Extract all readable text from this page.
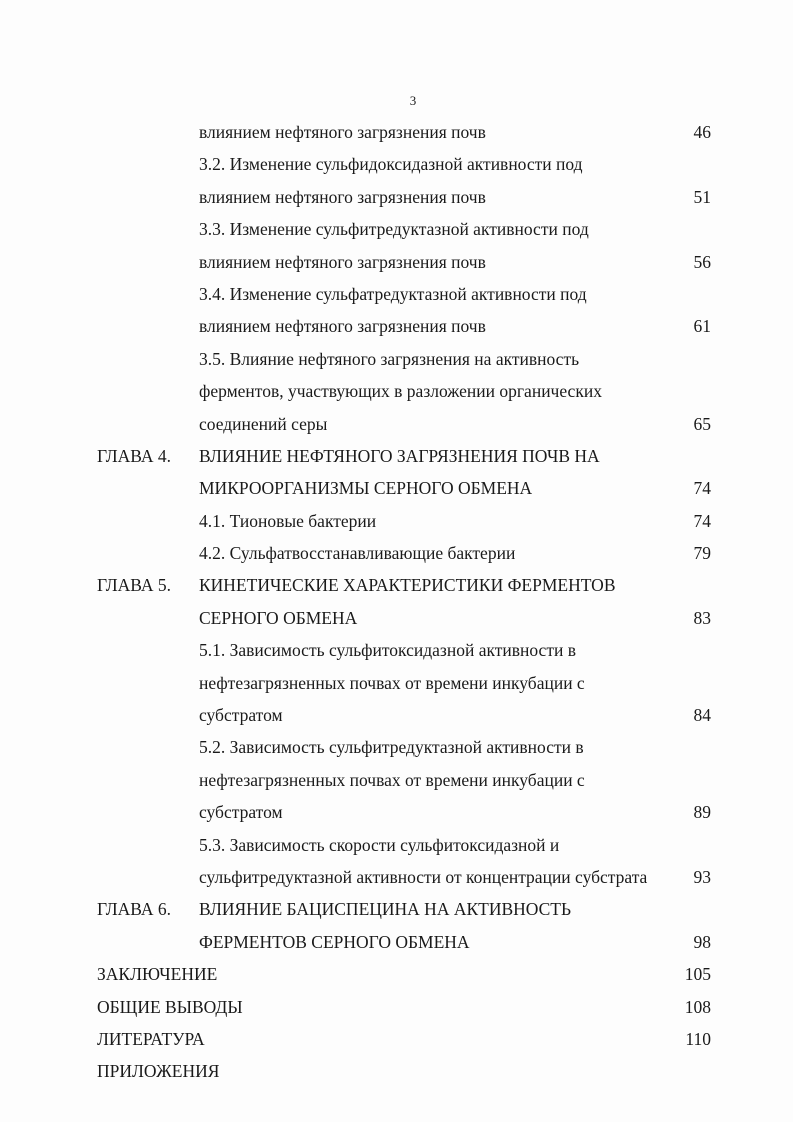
3
влиянием нефтяного загрязнения почв	46
3.2. Изменение сульфидоксидазной активности под
влиянием нефтяного загрязнения почв	51
3.3. Изменение сульфитредуктазной активности под
влиянием нефтяного загрязнения почв	56
3.4. Изменение сульфатредуктазной активности под
влиянием нефтяного загрязнения почв	61
3.5. Влияние нефтяного загрязнения на активность
ферментов, участвующих в разложении органических
соединений серы	65
ГЛАВА 4. ВЛИЯНИЕ НЕФТЯНОГО ЗАГРЯЗНЕНИЯ ПОЧВ НА
МИКРООРГАНИЗМЫ СЕРНОГО ОБМЕНА	74
4.1. Тионовые бактерии	74
4.2. Сульфатвосстанавливающие бактерии	79
ГЛАВА 5. КИНЕТИЧЕСКИЕ ХАРАКТЕРИСТИКИ ФЕРМЕНТОВ
СЕРНОГО ОБМЕНА	83
5.1. Зависимость сульфитоксидазной активности в
нефтезагрязненных почвах от времени инкубации с
субстратом	84
5.2. Зависимость сульфитредуктазной активности в
нефтезагрязненных почвах от времени инкубации с
субстратом	89
5.3. Зависимость скорости сульфитоксидазной и
сульфитредуктазной активности от концентрации субстрата	93
ГЛАВА 6. ВЛИЯНИЕ БАЦИСПЕЦИНА НА АКТИВНОСТЬ
ФЕРМЕНТОВ СЕРНОГО ОБМЕНА	98
ЗАКЛЮЧЕНИЕ	105
ОБЩИЕ ВЫВОДЫ	108
ЛИТЕРАТУРА	110
ПРИЛОЖЕНИЯ
